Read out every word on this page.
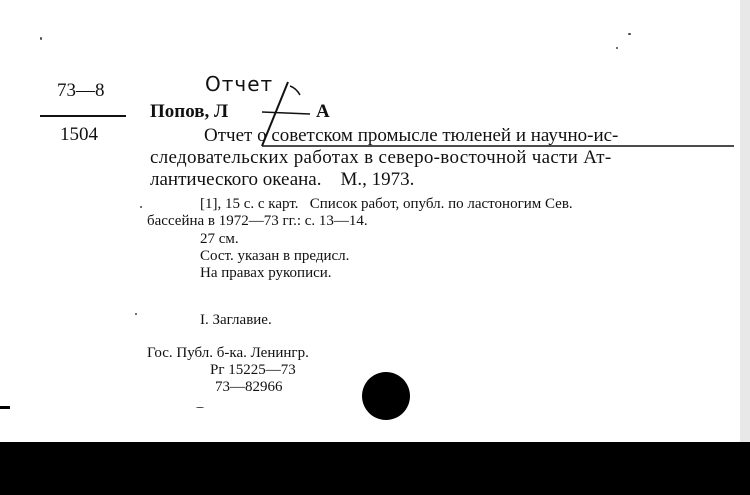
73—8
1504
Отчет
Попов, Л	А
Отчет о советском промысле тюленей и научно-ис-
следовательских работах в северо-восточной части Ат-
лантического океана.    М., 1973.
[1], 15 с. с карт.   Список работ, опубл. по ластоногим Сев.
бассейна в 1972—73 гг.: с. 13—14.
27 см.
Сост. указан в предисл.
На правах рукописи.
I. Заглавие.
Гос. Публ. б-ка. Ленингр.
Рг 15225—73
73—82966
